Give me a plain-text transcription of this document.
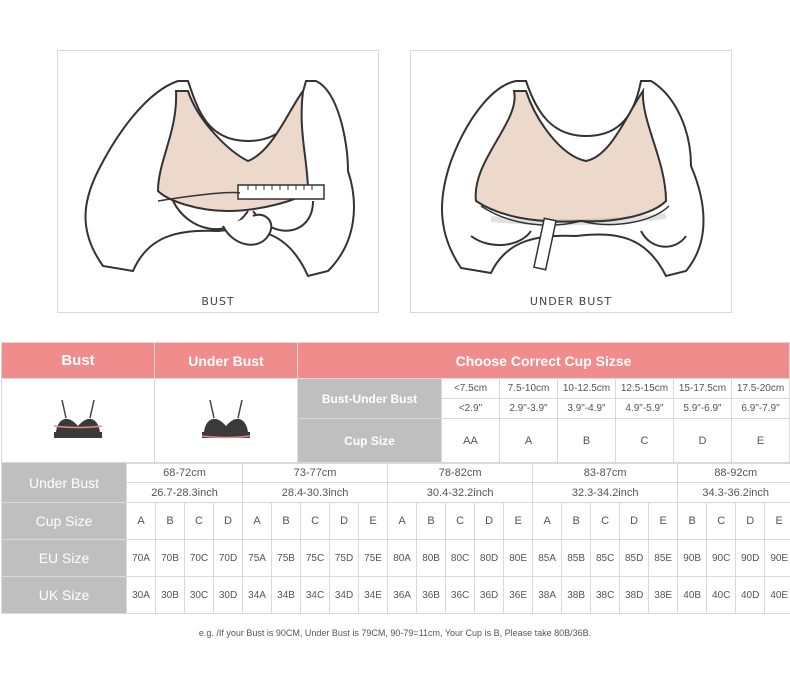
BUST	UNDER BUST
Bust	Under Bust	Choose Correct Cup Sizse						

	Bust-Under Bust	<7.5cm	7.5-10cm	10-12.5cm	12.5-15cm	15-17.5cm	17.5-20cm
			<2.9"	2.9"-3.9"	3.9"-4.9"	4.9"-5.9"	5.9"-6.9"	6.9"-7.9"
		Cup Size	AA	A	B	C	D	E
Under Bust	68-72cm				73-77cm					78-82cm					83-87cm					88-92cm			
	26.7-28.3inch				28.4-30.3inch					30.4-32.2inch					32.3-34.2inch					34.3-36.2inch			
Cup Size	A	B	C	D	A	B	C	D	E	A	B	C	D	E	A	B	C	D	E	B	C	D	E
EU Size	70A	70B	70C	70D	75A	75B	75C	75D	75E	80A	80B	80C	80D	80E	85A	85B	85C	85D	85E	90B	90C	90D	90E
UK Size	30A	30B	30C	30D	34A	34B	34C	34D	34E	36A	36B	36C	36D	36E	38A	38B	38C	38D	38E	40B	40C	40D	40E
e.g. /If your Bust is 90CM, Under Bust is 79CM, 90-79=11cm, Your Cup is B, Please take 80B/36B.
